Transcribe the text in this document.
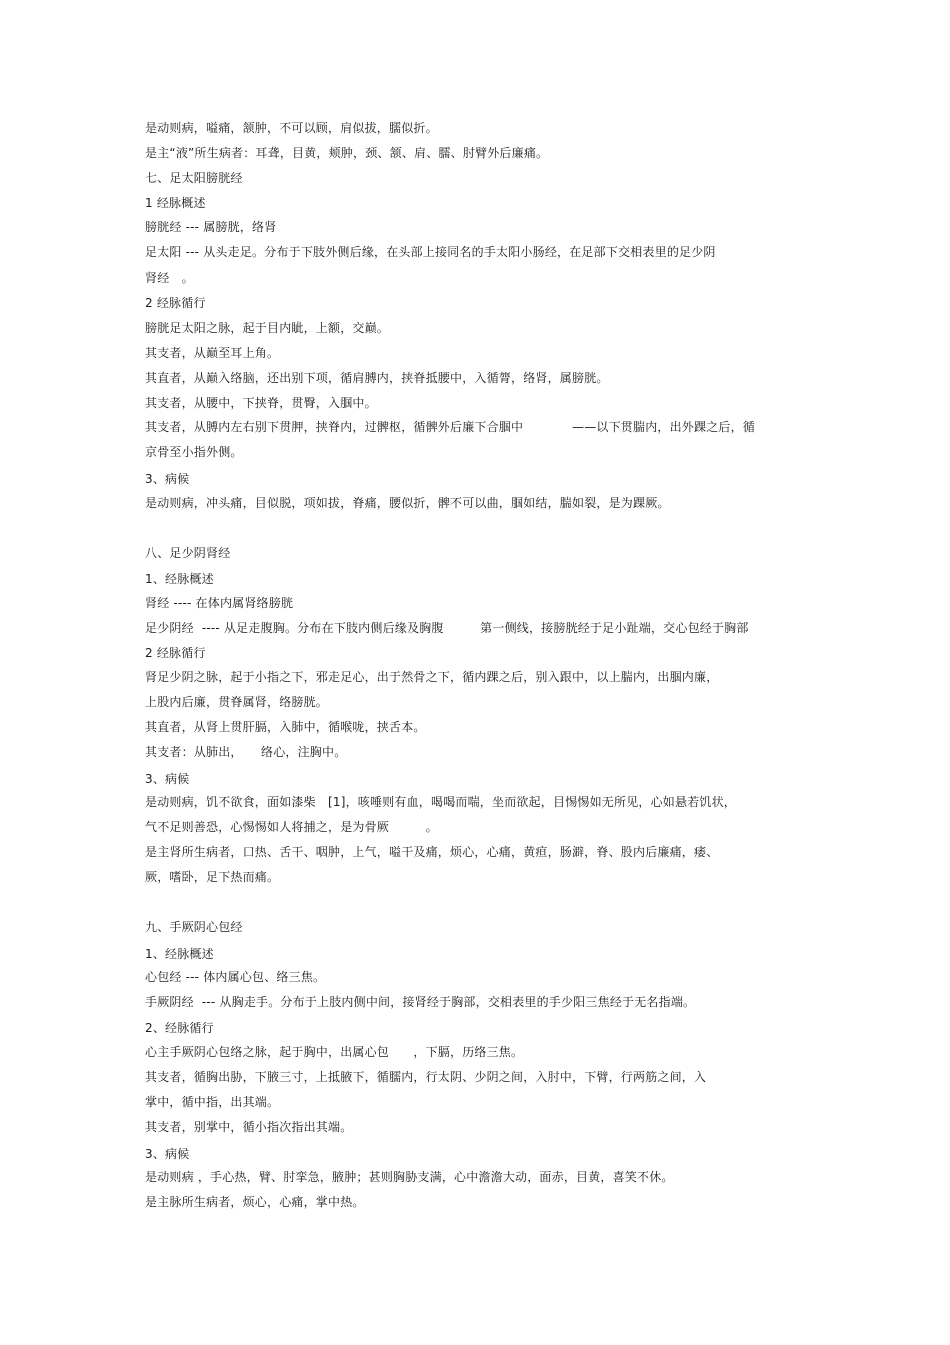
是动则病，嗌痛，颔肿，不可以顾，肩似拔，臑似折。
是主“液”所生病者：耳聋，目黄，颊肿，颈、颔、肩、臑、肘臂外后廉痛。
七、足太阳膀胱经
1 经脉概述
膀胱经 --- 属膀胱，络肾
足太阳 --- 从头走足。分布于下肢外侧后缘，在头部上接同名的手太阳小肠经，在足部下交相表里的足少阴
肾经　。
2 经脉循行
膀胱足太阳之脉，起于目内眦，上额，交巅。
其支者，从巅至耳上角。
其直者，从巅入络脑，还出别下项，循肩膊内，挟脊抵腰中，入循膂，络肾，属膀胱。
其支者，从腰中，下挟脊，贯臀，入腘中。
其支者，从膊内左右别下贯胛，挟脊内，过髀枢，循髀外后廉下合腘中　　　　——以下贯腨内，出外踝之后，循
京骨至小指外侧。
3、病候
是动则病，冲头痛，目似脱，项如拔，脊痛，腰似折，髀不可以曲，腘如结，腨如裂，是为踝厥。
八、足少阴肾经
1、经脉概述
肾经 ---- 在体内属肾络膀胱
足少阴经  ---- 从足走腹胸。分布在下肢内侧后缘及胸腹　　　第一侧线，接膀胱经于足小趾端，交心包经于胸部
2 经脉循行
肾足少阴之脉，起于小指之下，邪走足心，出于然骨之下，循内踝之后，别入跟中，以上腨内，出腘内廉，
上股内后廉，贯脊属肾，络膀胱。
其直者，从肾上贯肝膈，入肺中，循喉咙，挟舌本。
其支者：从肺出，　　络心，注胸中。
3、病候
是动则病，饥不欲食，面如漆柴　[1]，咳唾则有血，喝喝而喘，坐而欲起，目惕惕如无所见，心如悬若饥状，
气不足则善恐，心惕惕如人将捕之，是为骨厥　　　。
是主肾所生病者，口热、舌干、咽肿，上气，嗌干及痛，烦心，心痛，黄疸，肠澼，脊、股内后廉痛，痿、
厥，嗜卧，足下热而痛。
九、手厥阴心包经
1、经脉概述
心包经 --- 体内属心包、络三焦。
手厥阴经  --- 从胸走手。分布于上肢内侧中间，接肾经于胸部，交相表里的手少阳三焦经于无名指端。
2、经脉循行
心主手厥阴心包络之脉，起于胸中，出属心包　　，下膈，历络三焦。
其支者，循胸出胁，下腋三寸，上抵腋下，循臑内，行太阴、少阴之间，入肘中，下臂，行两筋之间，入
掌中，循中指，出其端。
其支者，别掌中，循小指次指出其端。
3、病候
是动则病 ，手心热，臂、肘挛急，腋肿；甚则胸胁支满，心中澹澹大动，面赤，目黄，喜笑不休。
是主脉所生病者，烦心，心痛，掌中热。
